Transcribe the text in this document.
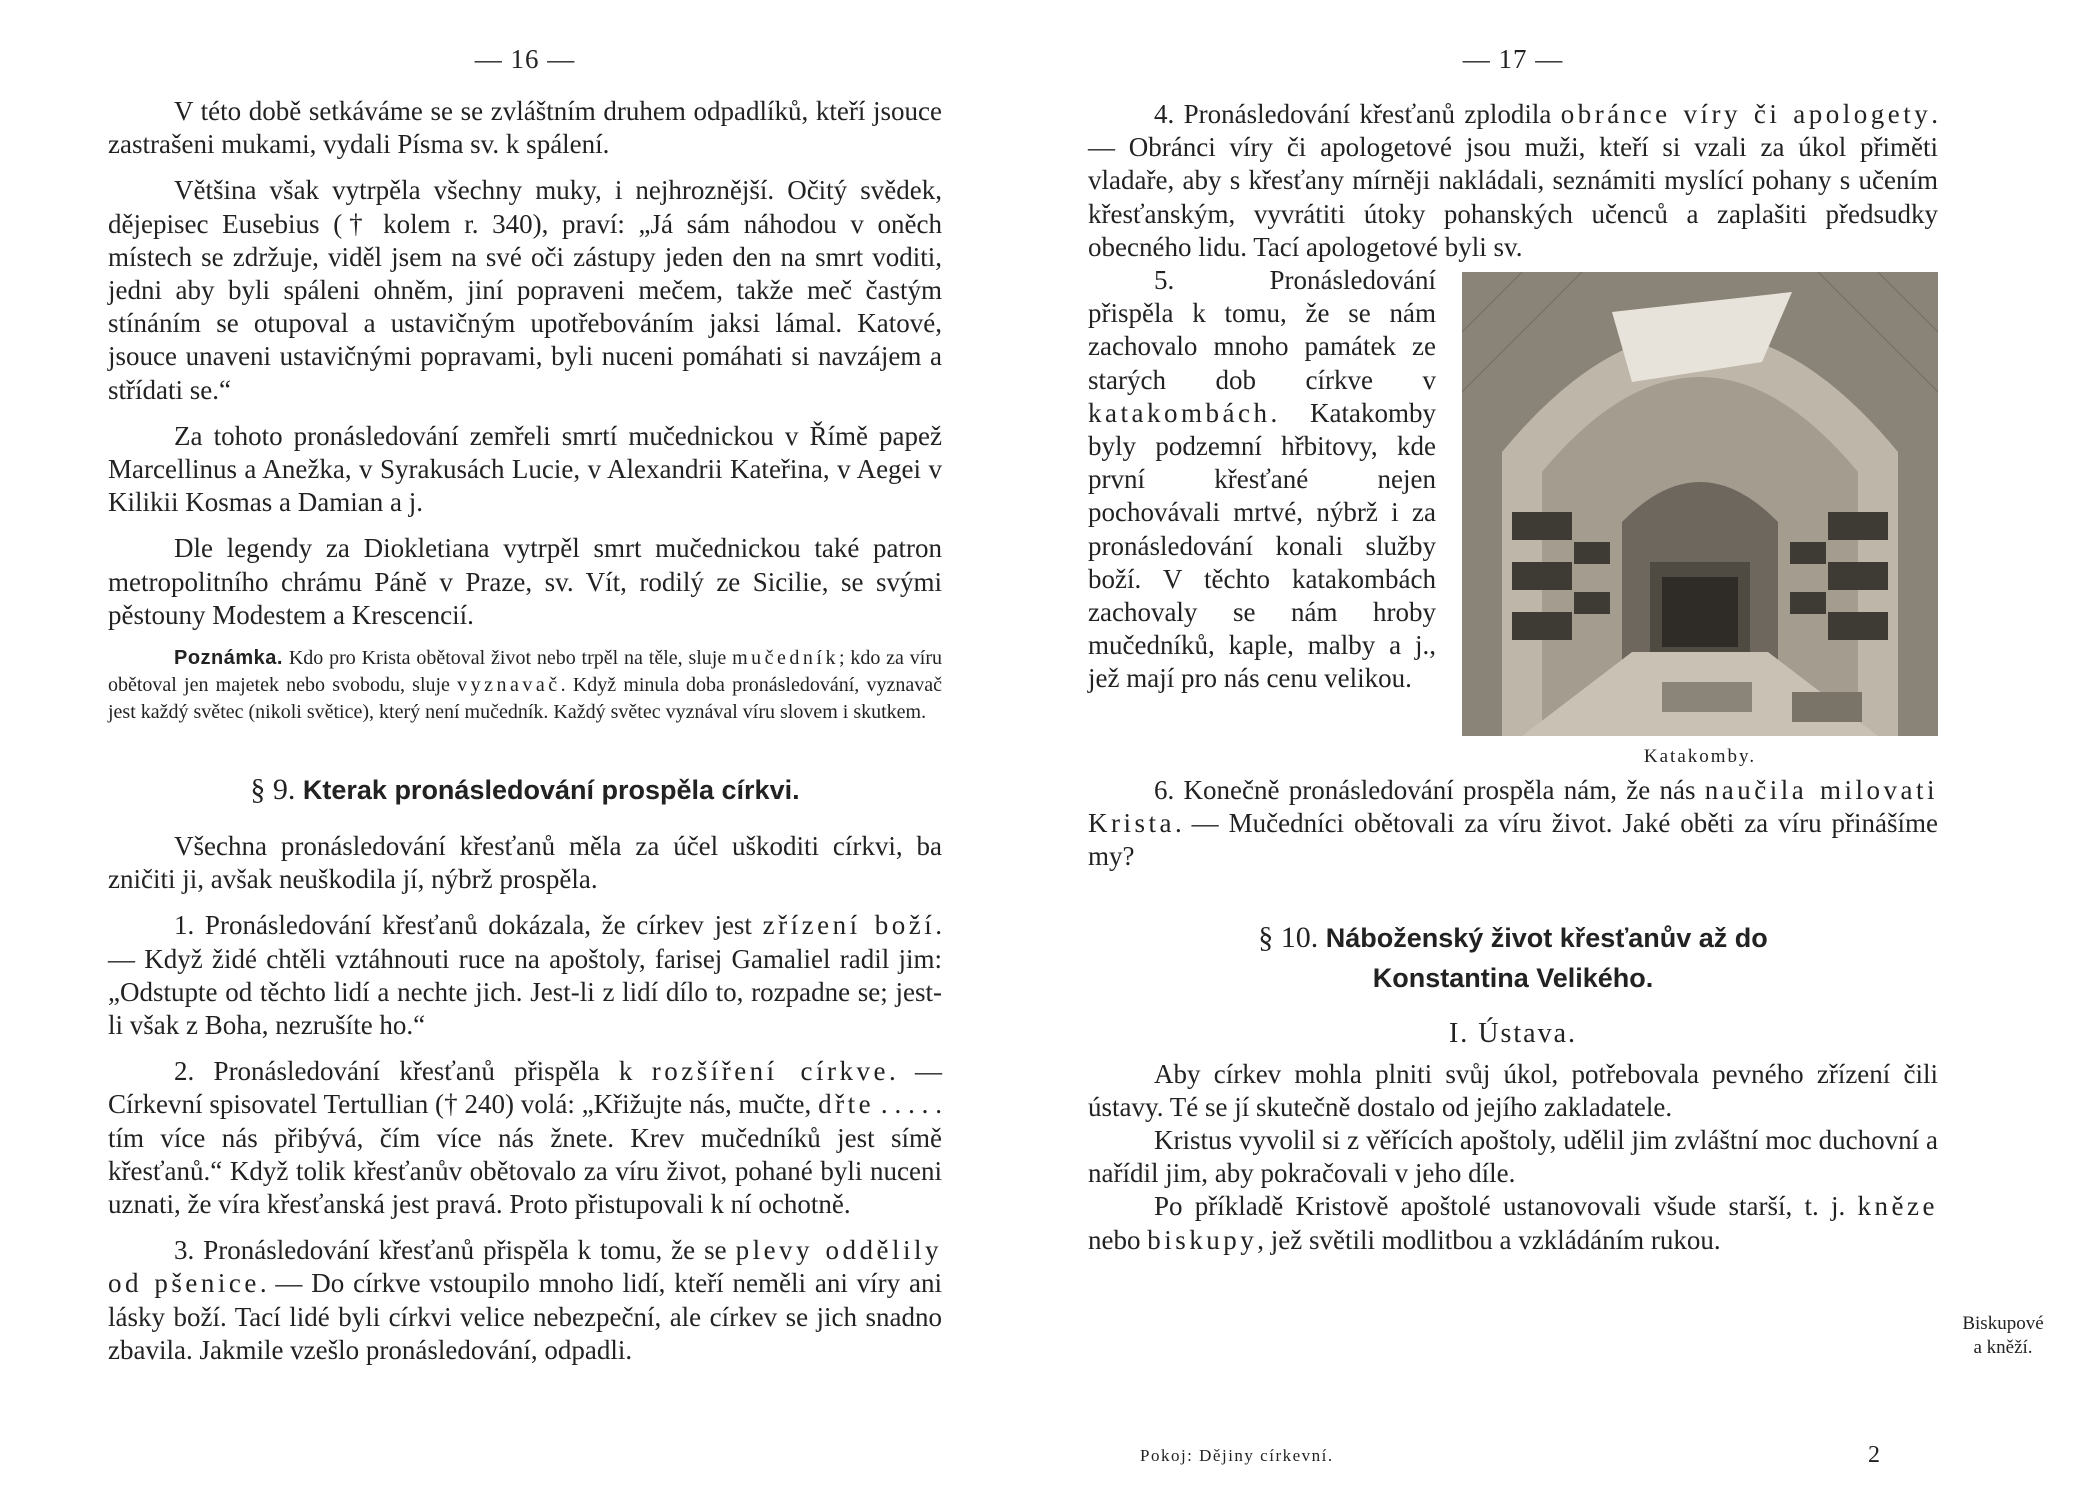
— 16 —

V této době setkáváme se se zvláštním druhem odpadlíků, kteří jsouce zastrašeni mukami, vydali Písma sv. k spálení.

Většina však vytrpěla všechny muky, i nejhroznější. Očitý svědek, dějepisec Eusebius († kolem r. 340), praví: „Já sám náhodou v oněch místech se zdržuje, viděl jsem na své oči zástupy jeden den na smrt voditi, jedni aby byli spáleni ohněm, jiní popraveni mečem, takže meč častým stínáním se otupoval a ustavičným upotřebováním jaksi lámal. Katové, jsouce unaveni ustavičnými popravami, byli nuceni pomáhati si navzájem a střídati se.“

Za tohoto pronásledování zemřeli smrtí mučednickou v Římě papež Marcellinus a Anežka, v Syrakusách Lucie, v Alexandrii Kateřina, v Aegei v Kilikii Kosmas a Damian a j.

Dle legendy za Diokletiana vytrpěl smrt mučednickou také patron metropolitního chrámu Páně v Praze, sv. Vít, rodilý ze Sicilie, se svými pěstouny Modestem a Krescencií.

Poznámka. Kdo pro Krista obětoval život nebo trpěl na těle, sluje mučedník; kdo za víru obětoval jen majetek nebo svobodu, sluje vyznavač. Když minula doba pronásledování, vyznavač jest každý světec (nikoli světice), který není mučedník. Každý světec vyznával víru slovem i skutkem.

§ 9. Kterak pronásledování prospěla církvi.

Všechna pronásledování křesťanů měla za účel uškoditi církvi, ba zničiti ji, avšak neuškodila jí, nýbrž prospěla.

1. Pronásledování křesťanů dokázala, že církev jest zřízení boží. — Když židé chtěli vztáhnouti ruce na apoštoly, farisej Gamaliel radil jim: „Odstupte od těchto lidí a nechte jich. Jest-li z lidí dílo to, rozpadne se; jest-li však z Boha, nezrušíte ho.“

2. Pronásledování křesťanů přispěla k rozšíření církve. — Církevní spisovatel Tertullian († 240) volá: „Křižujte nás, mučte, dřte . . . . . tím více nás přibývá, čím více nás žnete. Krev mučedníků jest símě křesťanů.“ Když tolik křesťanův obětovalo za víru život, pohané byli nuceni uznati, že víra křesťanská jest pravá. Proto přistupovali k ní ochotně.

3. Pronásledování křesťanů přispěla k tomu, že se plevy oddělily od pšenice. — Do církve vstoupilo mnoho lidí, kteří neměli ani víry ani lásky boží. Tací lidé byli církvi velice nebezpeční, ale církev se jich snadno zbavila. Jakmile vzešlo pronásledování, odpadli.

— 17 —

4. Pronásledování křesťanů zplodila obránce víry či apologety. — Obránci víry či apologetové jsou muži, kteří si vzali za úkol přiměti vladaře, aby s křesťany mírněji nakládali, seznámiti myslící pohany s učením křesťanským, vyvrátiti útoky pohanských učenců a zaplašiti předsudky obecného lidu. Tací apologetové byli sv.

Katakomby.

5. Pronásledování přispěla k tomu, že se nám zachovalo mnoho památek ze starých dob církve v katakombách. Katakomby byly podzemní hřbitovy, kde první křesťané nejen pochovávali mrtvé, nýbrž i za pronásledování konali služby boží. V těchto katakombách zachovaly se nám hroby mučedníků, kaple, malby a j., jež mají pro nás cenu velikou.

6. Konečně pronásledování prospěla nám, že nás naučila milovati Krista. — Mučedníci obětovali za víru život. Jaké oběti za víru přinášíme my?

§ 10. Náboženský život křesťanův až do
Konstantina Velikého.
I. Ústava.

Aby církev mohla plniti svůj úkol, potřebovala pevného zřízení čili ústavy. Té se jí skutečně dostalo od jejího zakladatele.

Kristus vyvolil si z věřících apoštoly, udělil jim zvláštní moc duchovní a nařídil jim, aby pokračovali v jeho díle.

Po příkladě Kristově apoštolé ustanovovali všude starší, t. j. kněze nebo biskupy, jež světili modlitbou a vzkládáním rukou.

Biskupové
a kněží.
Pokoj: Dějiny církevní.	2
